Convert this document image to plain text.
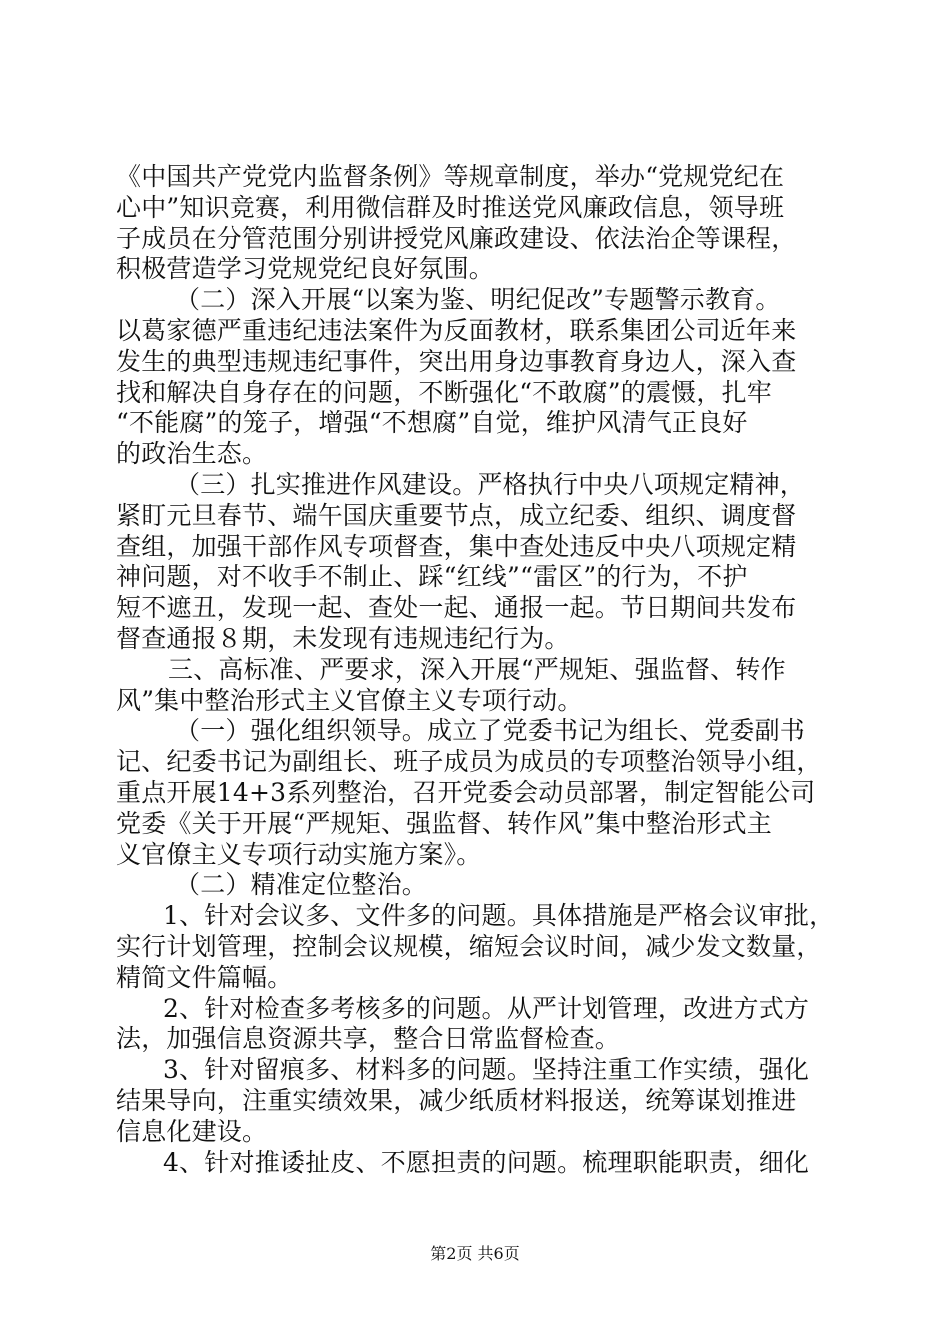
《中国共产党党内监督条例》等规章制度，举办“党规党纪在
心中”知识竞赛，利用微信群及时推送党风廉政信息，领导班
子成员在分管范围分别讲授党风廉政建设、依法治企等课程，
积极营造学习党规党纪良好氛围。
（二）深入开展“以案为鉴、明纪促改”专题警示教育。
以葛家德严重违纪违法案件为反面教材，联系集团公司近年来
发生的典型违规违纪事件，突出用身边事教育身边人，深入查
找和解决自身存在的问题，不断强化“不敢腐”的震慑，扎牢
“不能腐”的笼子，增强“不想腐”自觉，维护风清气正良好
的政治生态。
（三）扎实推进作风建设。严格执行中央八项规定精神，
紧盯元旦春节、端午国庆重要节点，成立纪委、组织、调度督
查组，加强干部作风专项督查，集中查处违反中央八项规定精
神问题，对不收手不制止、踩“红线”“雷区”的行为，不护
短不遮丑，发现一起、查处一起、通报一起。节日期间共发布
督查通报８期，未发现有违规违纪行为。
三、高标准、严要求，深入开展“严规矩、强监督、转作
风”集中整治形式主义官僚主义专项行动。
（一）强化组织领导。成立了党委书记为组长、党委副书
记、纪委书记为副组长、班子成员为成员的专项整治领导小组，
重点开展14+3系列整治，召开党委会动员部署，制定智能公司
党委《关于开展“严规矩、强监督、转作风”集中整治形式主
义官僚主义专项行动实施方案》。
（二）精准定位整治。
1、针对会议多、文件多的问题。具体措施是严格会议审批，
实行计划管理，控制会议规模，缩短会议时间，减少发文数量，
精简文件篇幅。
2、针对检查多考核多的问题。从严计划管理，改进方式方
法，加强信息资源共享，整合日常监督检查。
3、针对留痕多、材料多的问题。坚持注重工作实绩，强化
结果导向，注重实绩效果，减少纸质材料报送，统筹谋划推进
信息化建设。
4、针对推诿扯皮、不愿担责的问题。梳理职能职责，细化
第2页 共6页
